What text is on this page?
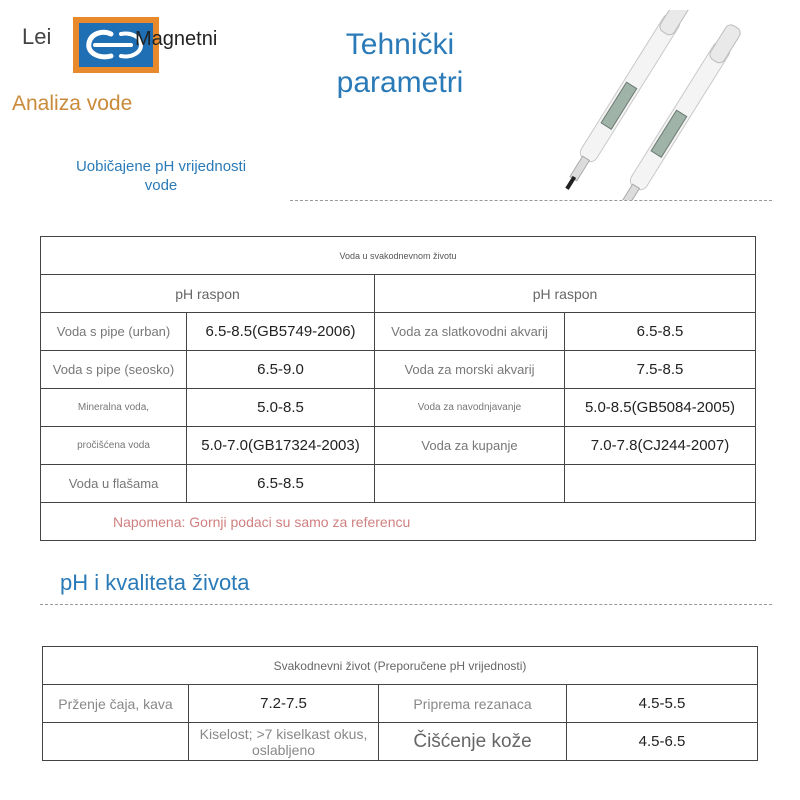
Lei	Magnetni
Analiza vode
Tehnički
parametri
Uobičajene pH vrijednosti
vode
Voda u svakodnevnom životu			
pH raspon		pH raspon	
Voda s pipe (urban)	6.5-8.5(GB5749-2006)	Voda za slatkovodni akvarij	6.5-8.5
Voda s pipe (seosko)	6.5-9.0	Voda za morski akvarij	7.5-8.5
Mineralna voda,	5.0-8.5	Voda za navodnjavanje	5.0-8.5(GB5084-2005)
pročišćena voda	5.0-7.0(GB17324-2003)	Voda za kupanje	7.0-7.8(CJ244-2007)
Voda u flašama	6.5-8.5		
Napomena: Gornji podaci su samo za referencu			
pH i kvaliteta života
Svakodnevni život (Preporučene pH vrijednosti)			
Prženje čaja, kava	7.2-7.5	Priprema rezanaca	4.5-5.5
	Kiselost; >7 kiselkast okus, oslabljeno	Čišćenje kože	4.5-6.5
